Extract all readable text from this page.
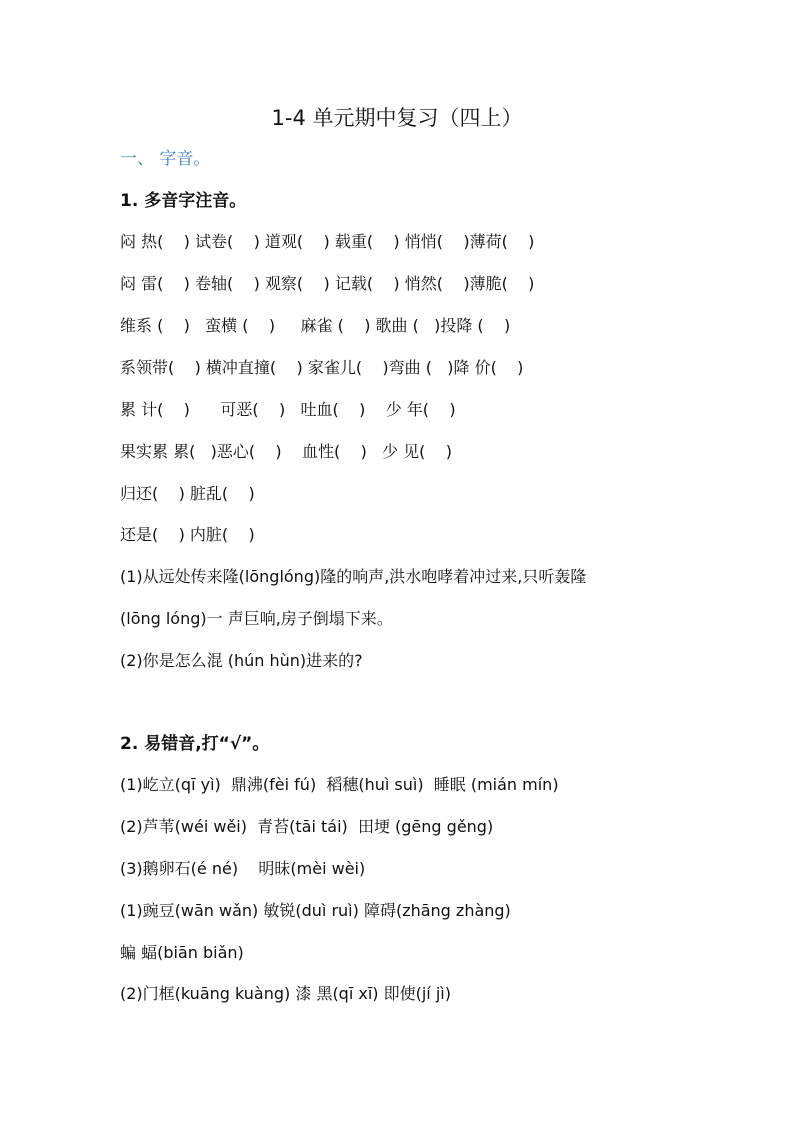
1-4 单元期中复习（四上）
一、 字音。
1. 多音字注音。
闷 热(    ) 试卷(    ) 道观(    ) 载重(    ) 悄悄(    )薄荷(    )
闷 雷(    ) 卷轴(    ) 观察(    ) 记载(    ) 悄然(    )薄脆(    )
维系 (    )   蛮横 (    )     麻雀 (    ) 歌曲 (   )投降 (    )
系领带(    ) 横冲直撞(    ) 家雀儿(    )弯曲 (   )降 价(    )
累 计(    )      可恶(    )   吐血(    )    少 年(    )
果实累 累(   )恶心(    )    血性(    )   少 见(    )
归还(    ) 脏乱(    )
还是(    ) 内脏(    )
(1)从远处传来隆(lōnglóng)隆的响声,洪水咆哮着冲过来,只听轰隆
(lōng lóng)一 声巨响,房子倒塌下来。
(2)你是怎么混 (hún hùn)进来的?
2. 易错音,打“√”。
(1)屹立(qī yì)  鼎沸(fèi fú)  稻穗(huì suì)  睡眠 (mián mín)
(2)芦苇(wéi wěi)  青苔(tāi tái)  田埂 (gēng gěng)
(3)鹅卵石(é né)    明昧(mèi wèi)
(1)豌豆(wān wǎn) 敏锐(duì ruì) 障碍(zhāng zhàng)
蝙 蝠(biān biǎn)
(2)门框(kuāng kuàng) 漆 黑(qī xī) 即使(jí jì)
